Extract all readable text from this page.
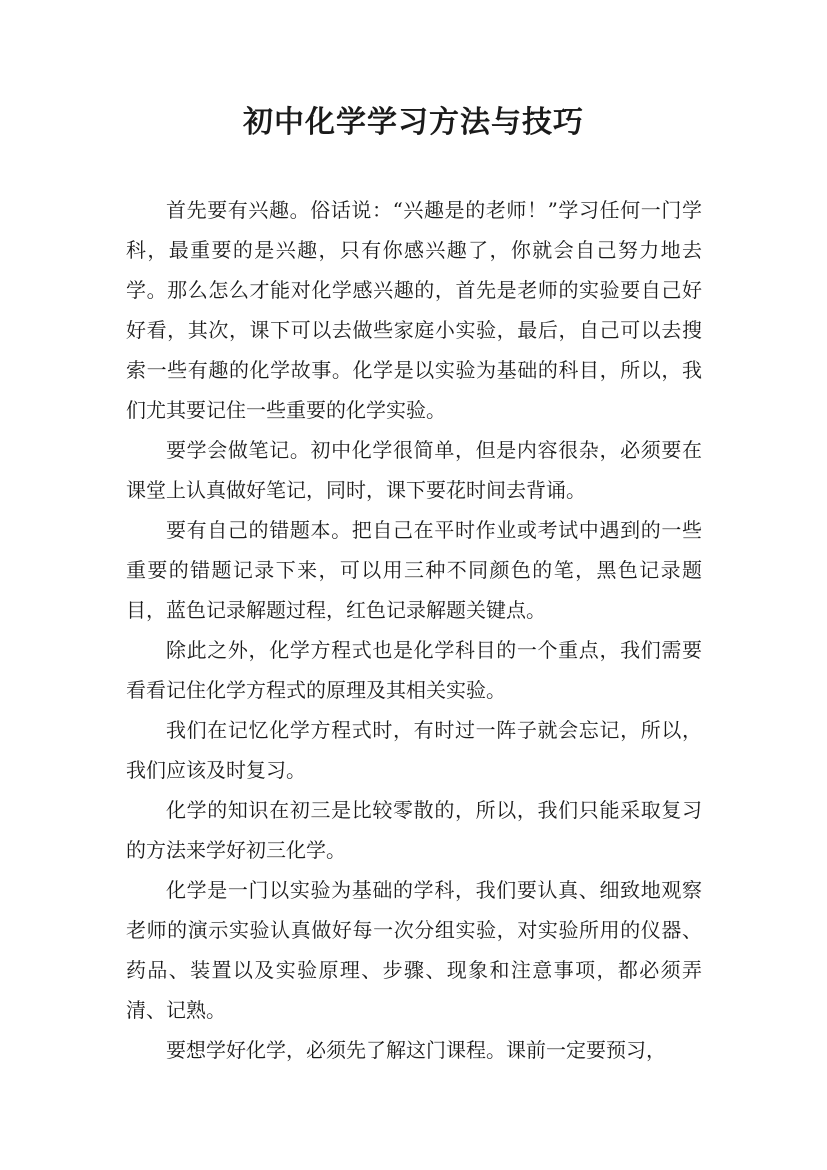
初中化学学习方法与技巧

首先要有兴趣。俗话说：“兴趣是的老师！”学习任何一门学科，最重要的是兴趣，只有你感兴趣了，你就会自己努力地去学。那么怎么才能对化学感兴趣的，首先是老师的实验要自己好好看，其次，课下可以去做些家庭小实验，最后，自己可以去搜索一些有趣的化学故事。化学是以实验为基础的科目，所以，我们尤其要记住一些重要的化学实验。

要学会做笔记。初中化学很简单，但是内容很杂，必须要在课堂上认真做好笔记，同时，课下要花时间去背诵。

要有自己的错题本。把自己在平时作业或考试中遇到的一些重要的错题记录下来，可以用三种不同颜色的笔，黑色记录题目，蓝色记录解题过程，红色记录解题关键点。

除此之外，化学方程式也是化学科目的一个重点，我们需要看看记住化学方程式的原理及其相关实验。

我们在记忆化学方程式时，有时过一阵子就会忘记，所以，我们应该及时复习。

化学的知识在初三是比较零散的，所以，我们只能采取复习的方法来学好初三化学。

化学是一门以实验为基础的学科，我们要认真、细致地观察老师的演示实验认真做好每一次分组实验，对实验所用的仪器、药品、装置以及实验原理、步骤、现象和注意事项，都必须弄清、记熟。

要想学好化学，必须先了解这门课程。课前一定要预习，
